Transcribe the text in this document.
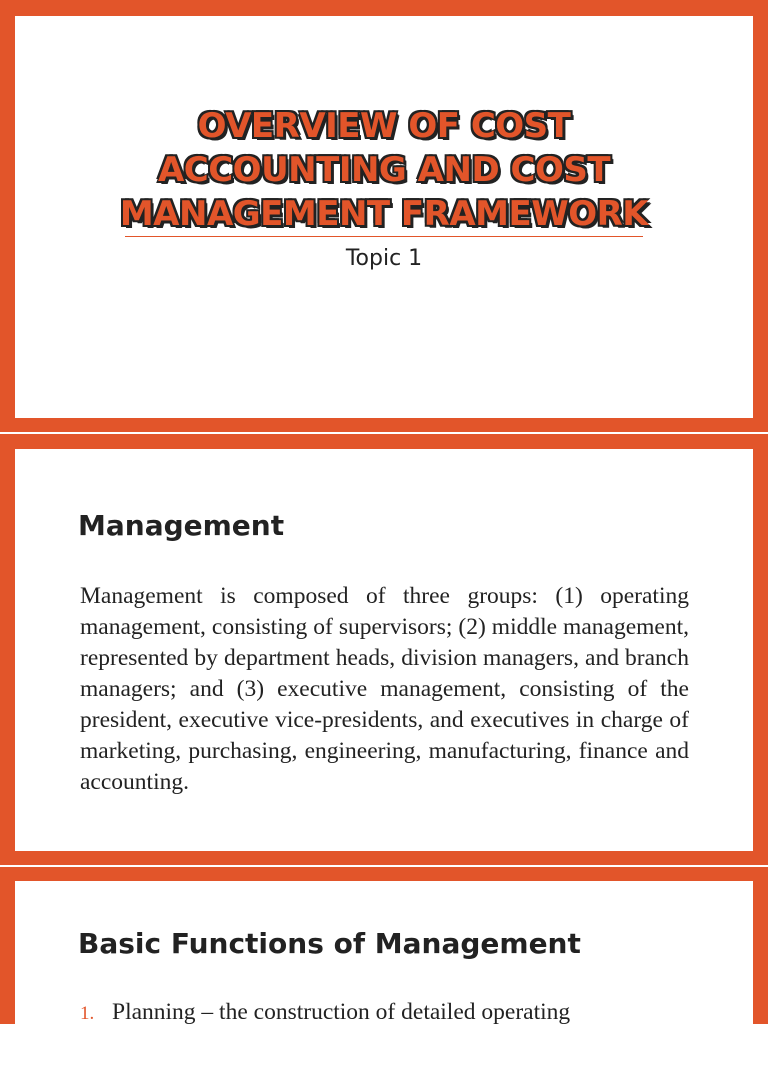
OVERVIEW OF COST
ACCOUNTING AND COST
MANAGEMENT FRAMEWORK
Topic 1
Management

Management is composed of three groups: (1) operating management, consisting of supervisors; (2) middle management, represented by department heads, division managers, and branch managers; and (3) executive management, consisting of the president, executive vice-presidents, and executives in charge of marketing, purchasing, engineering, manufacturing, finance and accounting.

Basic Functions of Management
1. Planning – the construction of detailed operating
